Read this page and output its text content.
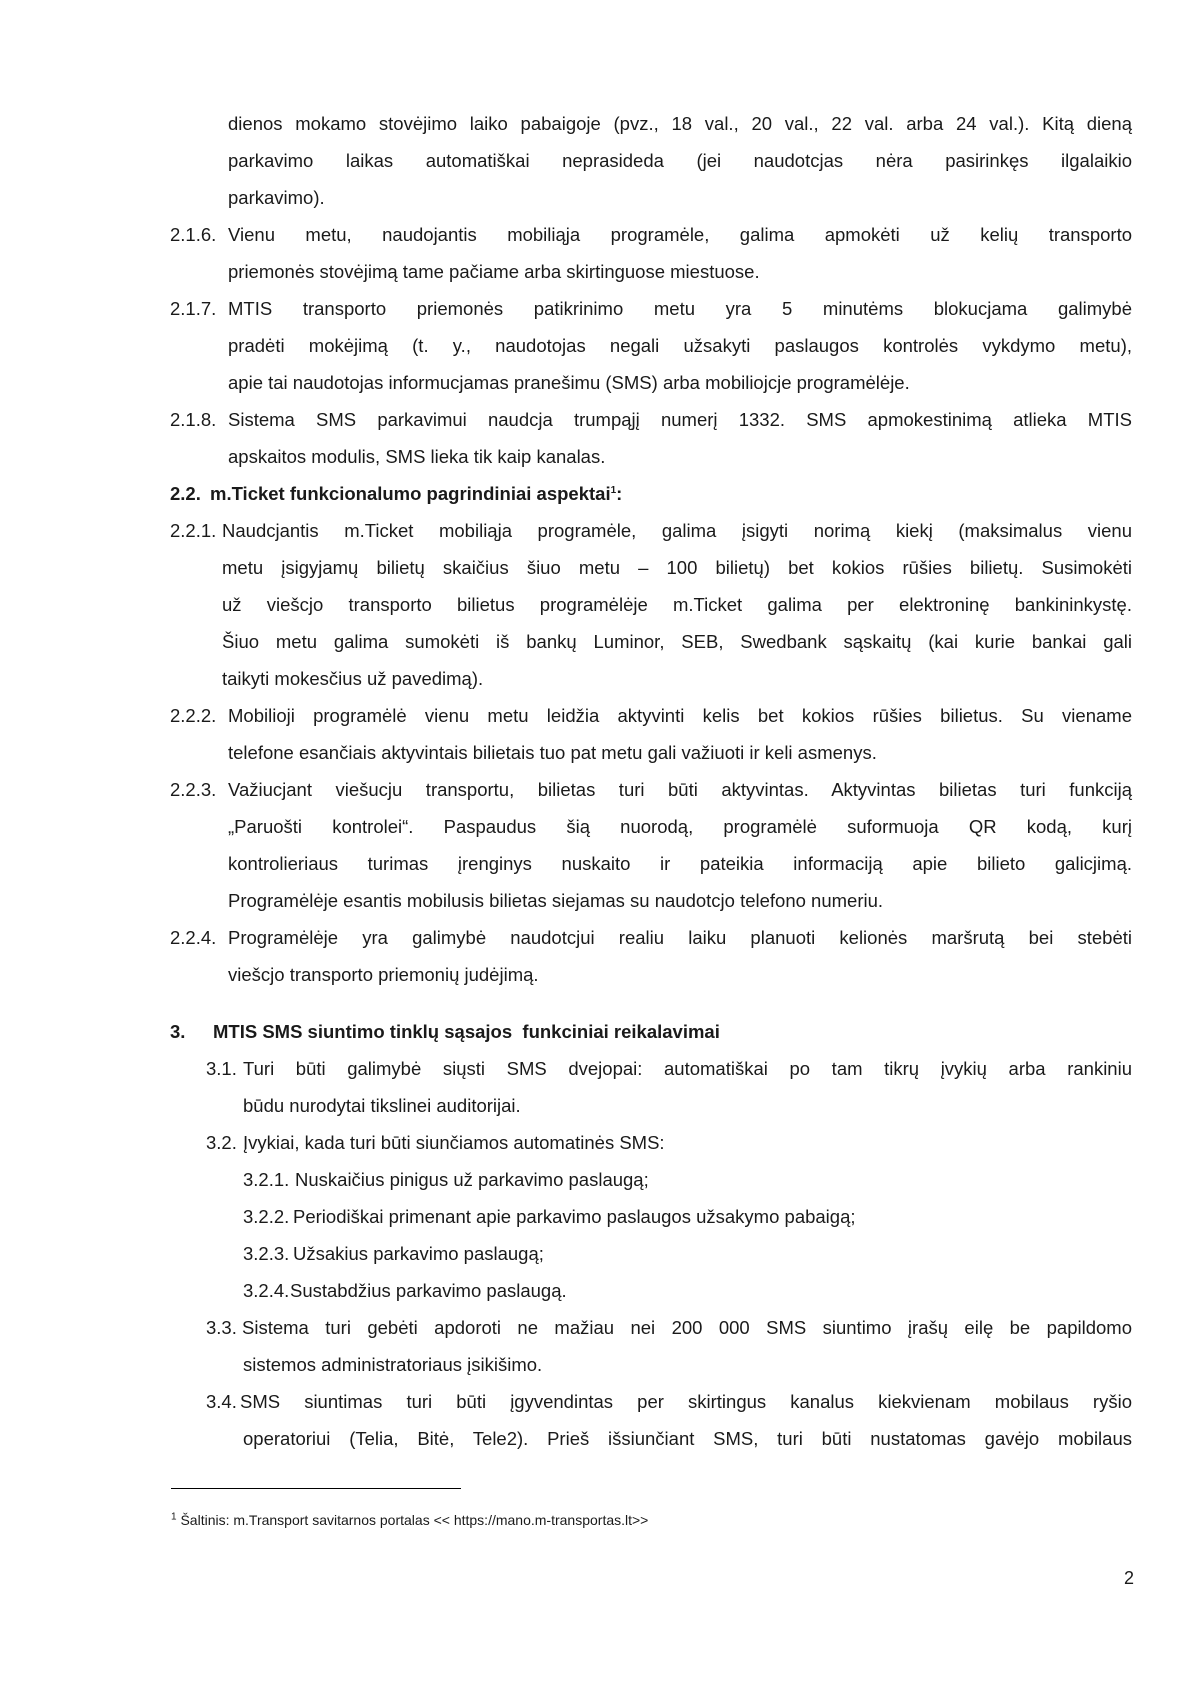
dienos mokamo stovėjimo laiko pabaigoje (pvz., 18 val., 20 val., 22 val. arba 24 val.). Kitą dieną
parkavimo laikas automatiškai neprasideda (jei naudotcjas nėra pasirinkęs ilgalaikio
parkavimo).
2.1.6. Vienu metu, naudojantis mobiliąja programėle, galima apmokėti už kelių transporto
priemonės stovėjimą tame pačiame arba skirtinguose miestuose.
2.1.7. MTIS transporto priemonės patikrinimo metu yra 5 minutėms blokucjama galimybė
pradėti mokėjimą (t. y., naudotojas negali užsakyti paslaugos kontrolės vykdymo metu),
apie tai naudotojas informucjamas pranešimu (SMS) arba mobiliojcje programėlėje.
2.1.8. Sistema SMS parkavimui naudcja trumpąjį numerį 1332. SMS apmokestinimą atlieka MTIS
apskaitos modulis, SMS lieka tik kaip kanalas.
2.2. m.Ticket funkcionalumo pagrindiniai aspektai$^1$:
2.2.1. Naudcjantis m.Ticket mobiliąja programėle, galima įsigyti norimą kiekį (maksimalus vienu
metu įsigyjamų bilietų skaičius šiuo metu – 100 bilietų) bet kokios rūšies bilietų. Susimokėti
už viešcjo transporto bilietus programėlėje m.Ticket galima per elektroninę bankininkystę.
Šiuo metu galima sumokėti iš bankų Luminor, SEB, Swedbank sąskaitų (kai kurie bankai gali
taikyti mokesčius už pavedimą).
2.2.2. Mobilioji programėlė vienu metu leidžia aktyvinti kelis bet kokios rūšies bilietus. Su viename
telefone esančiais aktyvintais bilietais tuo pat metu gali važiuoti ir keli asmenys.
2.2.3. Važiucjant viešucju transportu, bilietas turi būti aktyvintas. Aktyvintas bilietas turi funkciją
„Paruošti kontrolei“. Paspaudus šią nuorodą, programėlė suformuoja QR kodą, kurį
kontrolieriaus turimas įrenginys nuskaito ir pateikia informaciją apie bilieto galicjimą.
Programėlėje esantis mobilusis bilietas siejamas su naudotcjo telefono numeriu.
2.2.4. Programėlėje yra galimybė naudotcjui realiu laiku planuoti kelionės maršrutą bei stebėti
viešcjo transporto priemonių judėjimą.
3. MTIS SMS siuntimo tinklų sąsajos  funkciniai reikalavimai
3.1. Turi būti galimybė siųsti SMS dvejopai: automatiškai po tam tikrų įvykių arba rankiniu
būdu nurodytai tikslinei auditorijai.
3.2. Įvykiai, kada turi būti siunčiamos automatinės SMS:
3.2.1. Nuskaičius pinigus už parkavimo paslaugą;
3.2.2. Periodiškai primenant apie parkavimo paslaugos užsakymo pabaigą;
3.2.3. Užsakius parkavimo paslaugą;
3.2.4. Sustabdžius parkavimo paslaugą.
3.3. Sistema turi gebėti apdoroti ne mažiau nei 200 000 SMS siuntimo įrašų eilę be papildomo
sistemos administratoriaus įsikišimo.
3.4. SMS siuntimas turi būti įgyvendintas per skirtingus kanalus kiekvienam mobilaus ryšio
operatoriui (Telia, Bitė, Tele2). Prieš išsiunčiant SMS, turi būti nustatomas gavėjo mobilaus
$^1$ Šaltinis: m.Transport savitarnos portalas << https://mano.m-transportas.lt>>
2
